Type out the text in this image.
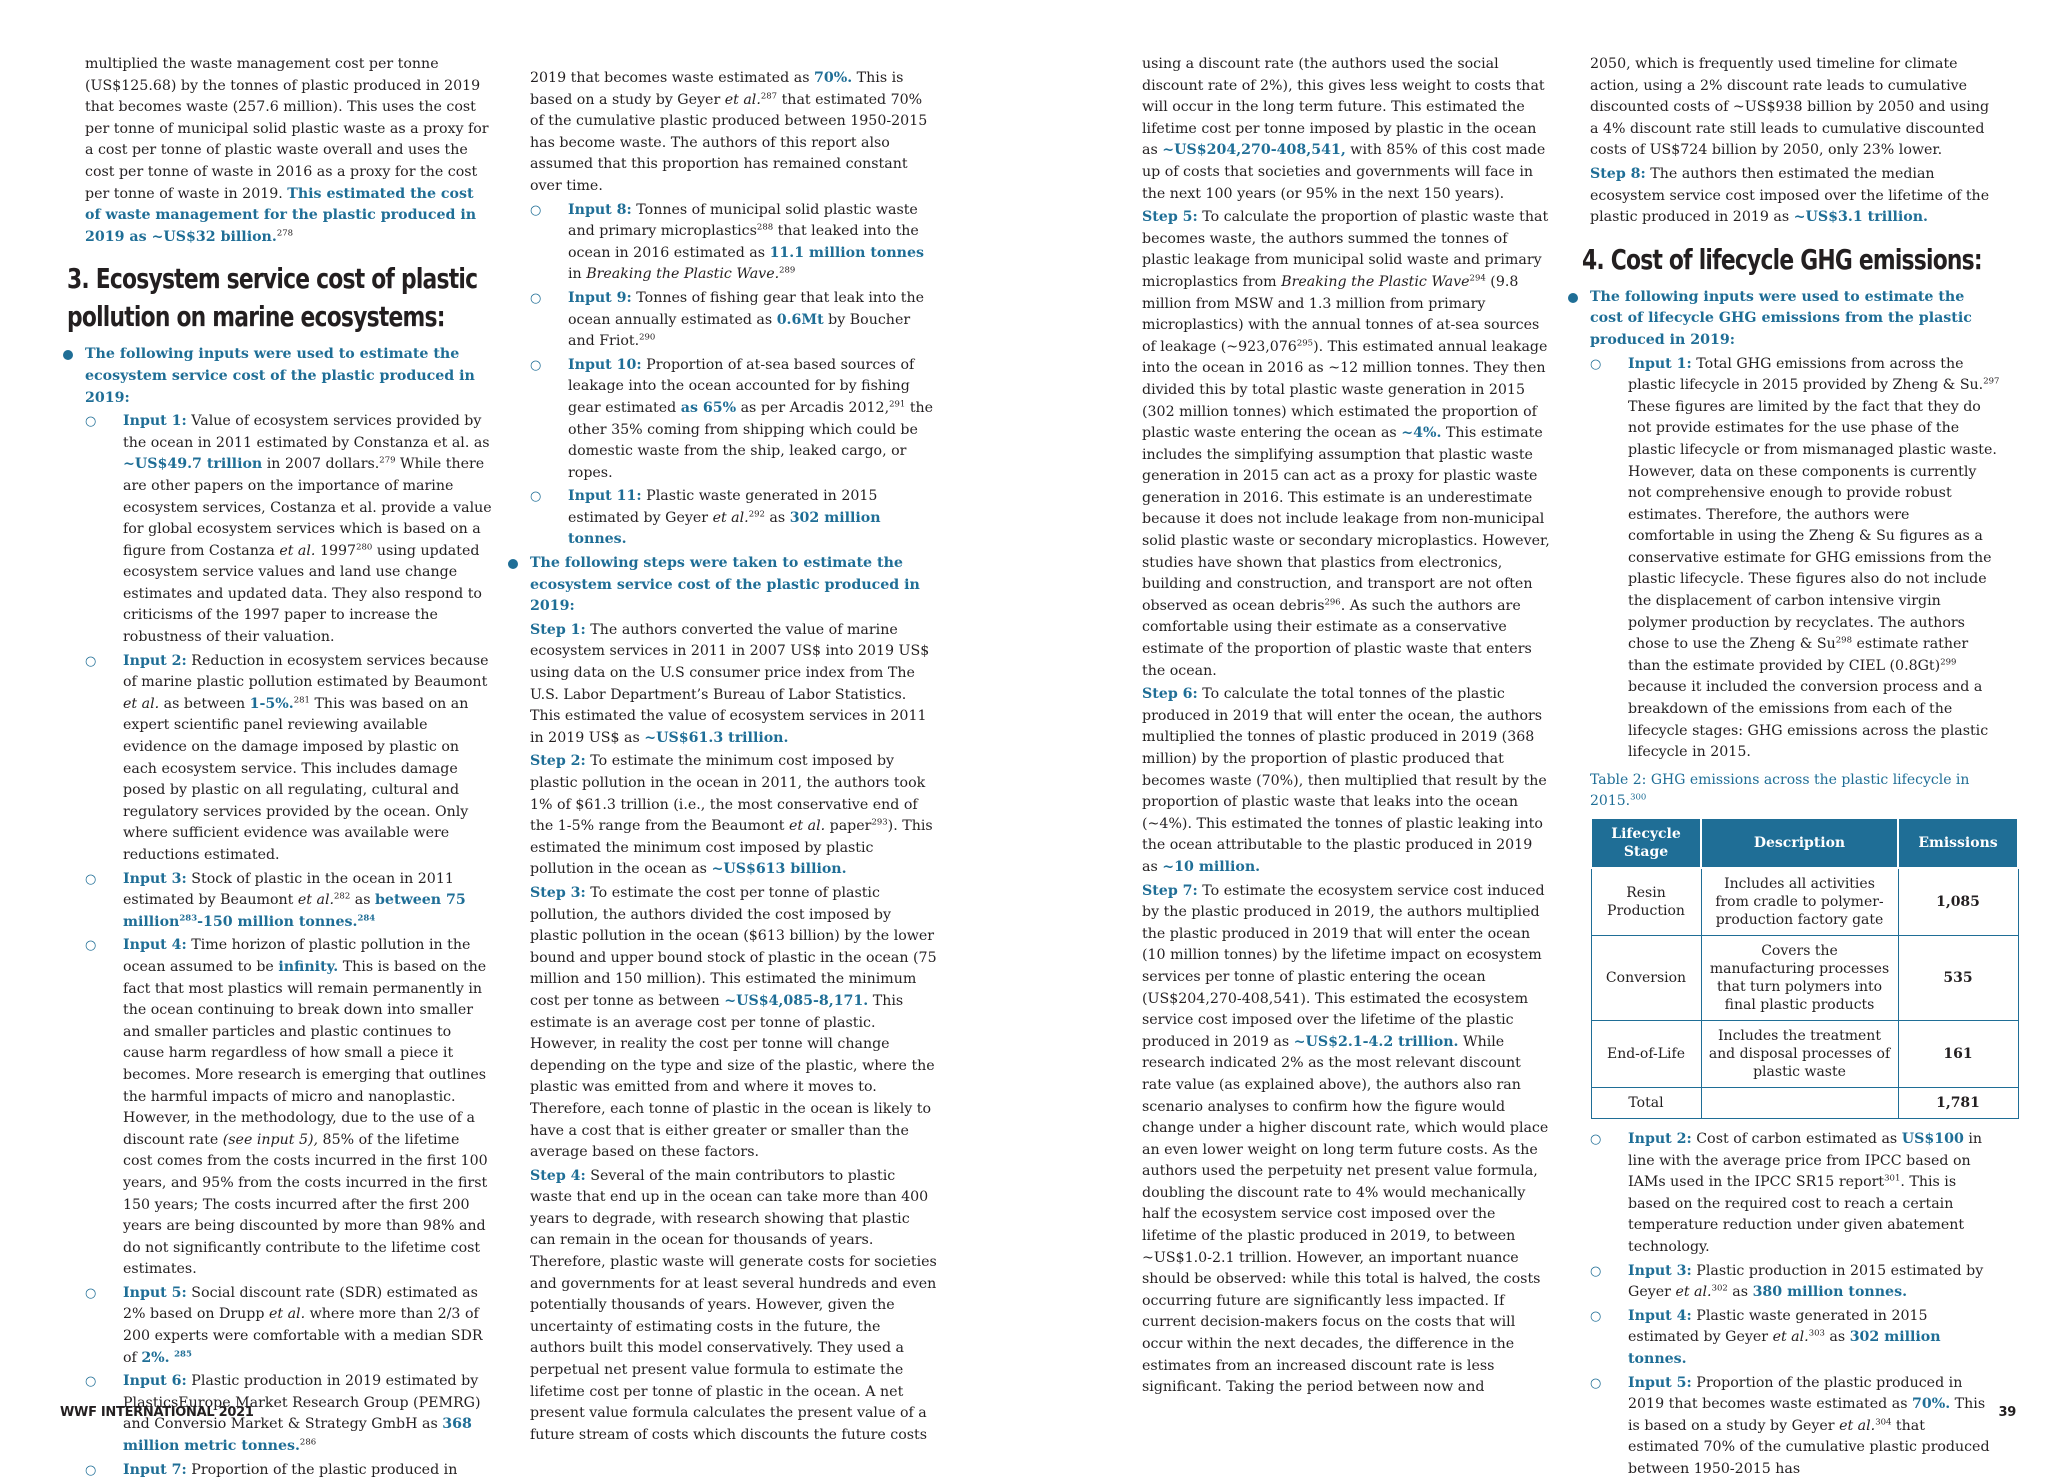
multiplied the waste management cost per tonne (US$125.68) by the tonnes of plastic produced in 2019 that becomes waste (257.6 million). This uses the cost per tonne of municipal solid plastic waste as a proxy for a cost per tonne of plastic waste overall and uses the cost per tonne of waste in 2016 as a proxy for the cost per tonne of waste in 2019. This estimated the cost of waste management for the plastic produced in 2019 as ~US$32 billion.$^{278}$

3. Ecosystem service cost of plastic pollution on marine ecosystems:

The following inputs were used to estimate the ecosystem service cost of the plastic produced in 2019:

○ Input 1: Value of ecosystem services provided by the ocean in 2011 estimated by Constanza et al. as ~US$49.7 trillion in 2007 dollars.$^{279}$ While there are other papers on the importance of marine ecosystem services, Costanza et al. provide a value for global ecosystem services which is based on a figure from Costanza et al. 1997$^{280}$ using updated ecosystem service values and land use change estimates and updated data. They also respond to criticisms of the 1997 paper to increase the robustness of their valuation.

○ Input 2: Reduction in ecosystem services because of marine plastic pollution estimated by Beaumont et al. as between 1-5%.$^{281}$ This was based on an expert scientific panel reviewing available evidence on the damage imposed by plastic on each ecosystem service. This includes damage posed by plastic on all regulating, cultural and regulatory services provided by the ocean. Only where sufficient evidence was available were reductions estimated.

○ Input 3: Stock of plastic in the ocean in 2011 estimated by Beaumont et al.$^{282}$ as between 75 million$^{283}$-150 million tonnes.$^{284}$

○ Input 4: Time horizon of plastic pollution in the ocean assumed to be infinity. This is based on the fact that most plastics will remain permanently in the ocean continuing to break down into smaller and smaller particles and plastic continues to cause harm regardless of how small a piece it becomes. More research is emerging that outlines the harmful impacts of micro and nanoplastic. However, in the methodology, due to the use of a discount rate (see input 5), 85% of the lifetime cost comes from the costs incurred in the first 100 years, and 95% from the costs incurred in the first 150 years; The costs incurred after the first 200 years are being discounted by more than 98% and do not significantly contribute to the lifetime cost estimates.

○ Input 5: Social discount rate (SDR) estimated as 2% based on Drupp et al. where more than 2/3 of 200 experts were comfortable with a median SDR of 2%. $^{285}$

○ Input 6: Plastic production in 2019 estimated by PlasticsEurope Market Research Group (PEMRG) and Conversio Market & Strategy GmbH as 368 million metric tonnes.$^{286}$

○ Input 7: Proportion of the plastic produced in

2019 that becomes waste estimated as 70%. This is based on a study by Geyer et al.$^{287}$ that estimated 70% of the cumulative plastic produced between 1950-2015 has become waste. The authors of this report also assumed that this proportion has remained constant over time.

○ Input 8: Tonnes of municipal solid plastic waste and primary microplastics$^{288}$ that leaked into the ocean in 2016 estimated as 11.1 million tonnes in Breaking the Plastic Wave.$^{289}$

○ Input 9: Tonnes of fishing gear that leak into the ocean annually estimated as 0.6Mt by Boucher and Friot.$^{290}$

○ Input 10: Proportion of at-sea based sources of leakage into the ocean accounted for by fishing gear estimated as 65% as per Arcadis 2012,$^{291}$ the other 35% coming from shipping which could be domestic waste from the ship, leaked cargo, or ropes.

○ Input 11: Plastic waste generated in 2015 estimated by Geyer et al.$^{292}$ as 302 million tonnes.

The following steps were taken to estimate the ecosystem service cost of the plastic produced in 2019:

Step 1: The authors converted the value of marine ecosystem services in 2011 in 2007 US$ into 2019 US$ using data on the U.S consumer price index from The U.S. Labor Department’s Bureau of Labor Statistics. This estimated the value of ecosystem services in 2011 in 2019 US$ as ~US$61.3 trillion.

Step 2: To estimate the minimum cost imposed by plastic pollution in the ocean in 2011, the authors took 1% of $61.3 trillion (i.e., the most conservative end of the 1-5% range from the Beaumont et al. paper$^{293}$). This estimated the minimum cost imposed by plastic pollution in the ocean as ~US$613 billion.

Step 3: To estimate the cost per tonne of plastic pollution, the authors divided the cost imposed by plastic pollution in the ocean ($613 billion) by the lower bound and upper bound stock of plastic in the ocean (75 million and 150 million). This estimated the minimum cost per tonne as between ~US$4,085-8,171. This estimate is an average cost per tonne of plastic. However, in reality the cost per tonne will change depending on the type and size of the plastic, where the plastic was emitted from and where it moves to. Therefore, each tonne of plastic in the ocean is likely to have a cost that is either greater or smaller than the average based on these factors.

Step 4: Several of the main contributors to plastic waste that end up in the ocean can take more than 400 years to degrade, with research showing that plastic can remain in the ocean for thousands of years. Therefore, plastic waste will generate costs for societies and governments for at least several hundreds and even potentially thousands of years. However, given the uncertainty of estimating costs in the future, the authors built this model conservatively. They used a perpetual net present value formula to estimate the lifetime cost per tonne of plastic in the ocean. A net present value formula calculates the present value of a future stream of costs which discounts the future costs

using a discount rate (the authors used the social discount rate of 2%), this gives less weight to costs that will occur in the long term future. This estimated the lifetime cost per tonne imposed by plastic in the ocean as ~US$204,270-408,541, with 85% of this cost made up of costs that societies and governments will face in the next 100 years (or 95% in the next 150 years).

Step 5: To calculate the proportion of plastic waste that becomes waste, the authors summed the tonnes of plastic leakage from municipal solid waste and primary microplastics from Breaking the Plastic Wave$^{294}$ (9.8 million from MSW and 1.3 million from primary microplastics) with the annual tonnes of at-sea sources of leakage (~923,076$^{295}$). This estimated annual leakage into the ocean in 2016 as ~12 million tonnes. They then divided this by total plastic waste generation in 2015 (302 million tonnes) which estimated the proportion of plastic waste entering the ocean as ~4%. This estimate includes the simplifying assumption that plastic waste generation in 2015 can act as a proxy for plastic waste generation in 2016. This estimate is an underestimate because it does not include leakage from non-municipal solid plastic waste or secondary microplastics. However, studies have shown that plastics from electronics, building and construction, and transport are not often observed as ocean debris$^{296}$. As such the authors are comfortable using their estimate as a conservative estimate of the proportion of plastic waste that enters the ocean.

Step 6: To calculate the total tonnes of the plastic produced in 2019 that will enter the ocean, the authors multiplied the tonnes of plastic produced in 2019 (368 million) by the proportion of plastic produced that becomes waste (70%), then multiplied that result by the proportion of plastic waste that leaks into the ocean (~4%). This estimated the tonnes of plastic leaking into the ocean attributable to the plastic produced in 2019 as ~10 million.

Step 7: To estimate the ecosystem service cost induced by the plastic produced in 2019, the authors multiplied the plastic produced in 2019 that will enter the ocean (10 million tonnes) by the lifetime impact on ecosystem services per tonne of plastic entering the ocean (US$204,270-408,541). This estimated the ecosystem service cost imposed over the lifetime of the plastic produced in 2019 as ~US$2.1-4.2 trillion. While research indicated 2% as the most relevant discount rate value (as explained above), the authors also ran scenario analyses to confirm how the figure would change under a higher discount rate, which would place an even lower weight on long term future costs. As the authors used the perpetuity net present value formula, doubling the discount rate to 4% would mechanically half the ecosystem service cost imposed over the lifetime of the plastic produced in 2019, to between ~US$1.0-2.1 trillion. However, an important nuance should be observed: while this total is halved, the costs occurring future are significantly less impacted. If current decision-makers focus on the costs that will occur within the next decades, the difference in the estimates from an increased discount rate is less significant. Taking the period between now and

2050, which is frequently used timeline for climate action, using a 2% discount rate leads to cumulative discounted costs of ~US$938 billion by 2050 and using a 4% discount rate still leads to cumulative discounted costs of US$724 billion by 2050, only 23% lower.

Step 8: The authors then estimated the median ecosystem service cost imposed over the lifetime of the plastic produced in 2019 as ~US$3.1 trillion.

4. Cost of lifecycle GHG emissions:

The following inputs were used to estimate the cost of lifecycle GHG emissions from the plastic produced in 2019:

○ Input 1: Total GHG emissions from across the plastic lifecycle in 2015 provided by Zheng & Su.$^{297}$ These figures are limited by the fact that they do not provide estimates for the use phase of the plastic lifecycle or from mismanaged plastic waste. However, data on these components is currently not comprehensive enough to provide robust estimates. Therefore, the authors were comfortable in using the Zheng & Su figures as a conservative estimate for GHG emissions from the plastic lifecycle. These figures also do not include the displacement of carbon intensive virgin polymer production by recyclates. The authors chose to use the Zheng & Su$^{298}$ estimate rather than the estimate provided by CIEL $(0.8Gt)^{299}$ because it included the conversion process and a breakdown of the emissions from each of the lifecycle stages: GHG emissions across the plastic lifecycle in 2015.

Table 2: GHG emissions across the plastic lifecycle in 2015.$^{300}$
Lifecycle Stage	Description	Emissions
Resin Production	Includes all activities from cradle to polymer-production factory gate	1,085
Conversion	Covers the manufacturing processes that turn polymers into final plastic products	535
End-of-Life	Includes the treatment and disposal processes of plastic waste	161
Total		1,781

○ Input 2: Cost of carbon estimated as US$100 in line with the average price from IPCC based on IAMs used in the IPCC SR15 report$^{301}$. This is based on the required cost to reach a certain temperature reduction under given abatement technology.

○ Input 3: Plastic production in 2015 estimated by Geyer et al.$^{302}$ as 380 million tonnes.

○ Input 4: Plastic waste generated in 2015 estimated by Geyer et al.$^{303}$ as 302 million tonnes.

○ Input 5: Proportion of the plastic produced in 2019 that becomes waste estimated as 70%. This is based on a study by Geyer et al.$^{304}$ that estimated 70% of the cumulative plastic produced between 1950-2015 has

WWF INTERNATIONAL 2021	39
